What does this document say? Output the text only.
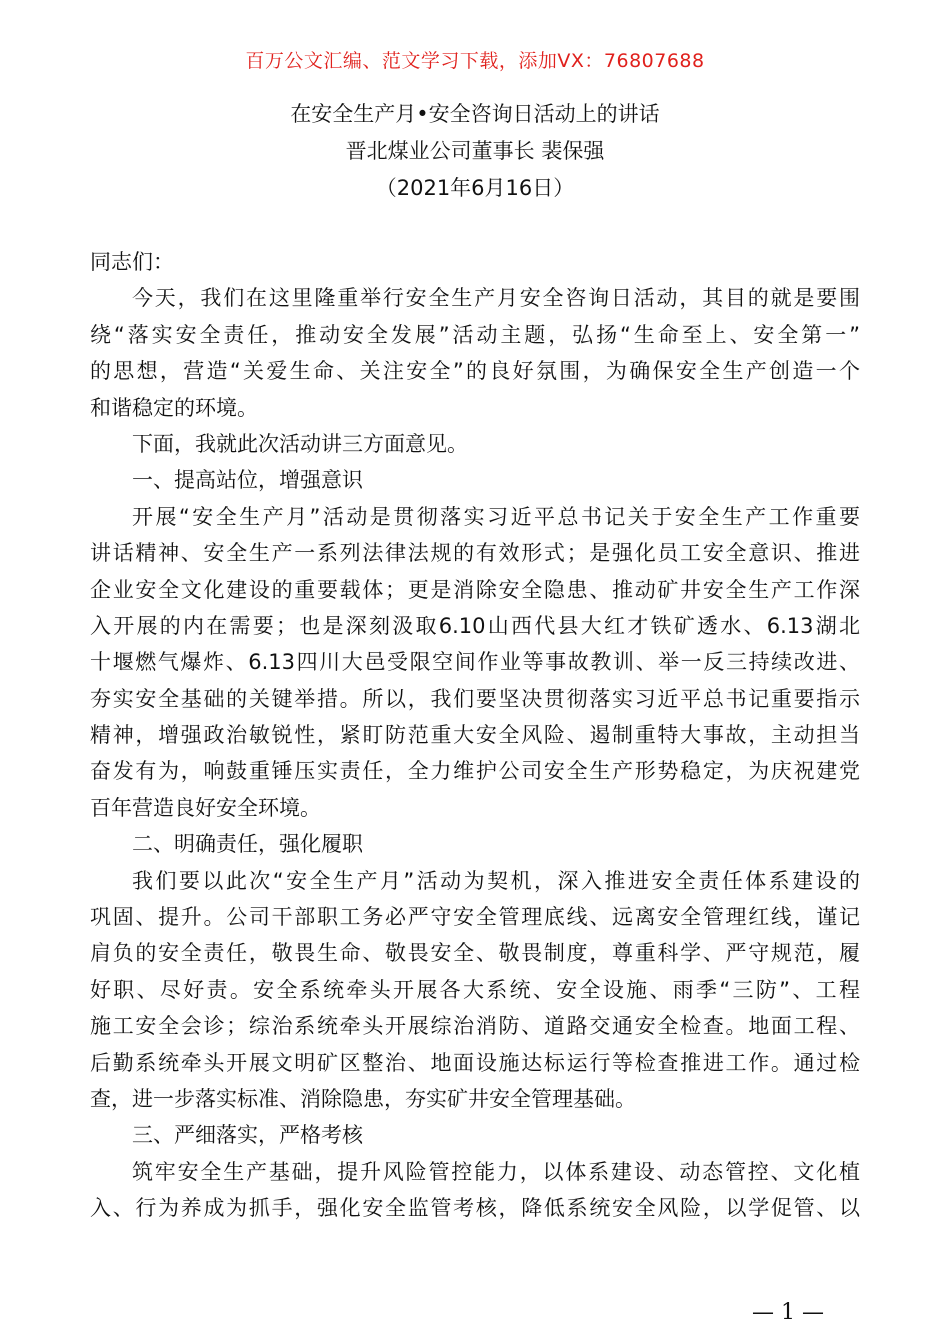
百万公文汇编、范文学习下载，添加VX：76807688
在安全生产月•安全咨询日活动上的讲话
晋北煤业公司董事长 裴保强
（2021年6月16日）
同志们：
今天，我们在这里隆重举行安全生产月安全咨询日活动，其目的就是要围
绕“落实安全责任，推动安全发展”活动主题，弘扬“生命至上、安全第一”
的思想，营造“关爱生命、关注安全”的良好氛围，为确保安全生产创造一个
和谐稳定的环境。
下面，我就此次活动讲三方面意见。
一、提高站位，增强意识
开展“安全生产月”活动是贯彻落实习近平总书记关于安全生产工作重要
讲话精神、安全生产一系列法律法规的有效形式；是强化员工安全意识、推进
企业安全文化建设的重要载体；更是消除安全隐患、推动矿井安全生产工作深
入开展的内在需要；也是深刻汲取6.10山西代县大红才铁矿透水、6.13湖北
十堰燃气爆炸、6.13四川大邑受限空间作业等事故教训、举一反三持续改进、
夯实安全基础的关键举措。所以，我们要坚决贯彻落实习近平总书记重要指示
精神，增强政治敏锐性，紧盯防范重大安全风险、遏制重特大事故，主动担当
奋发有为，响鼓重锤压实责任，全力维护公司安全生产形势稳定，为庆祝建党
百年营造良好安全环境。
二、明确责任，强化履职
我们要以此次“安全生产月”活动为契机，深入推进安全责任体系建设的
巩固、提升。公司干部职工务必严守安全管理底线、远离安全管理红线，谨记
肩负的安全责任，敬畏生命、敬畏安全、敬畏制度，尊重科学、严守规范，履
好职、尽好责。安全系统牵头开展各大系统、安全设施、雨季“三防”、工程
施工安全会诊；综治系统牵头开展综治消防、道路交通安全检查。地面工程、
后勤系统牵头开展文明矿区整治、地面设施达标运行等检查推进工作。通过检
查，进一步落实标准、消除隐患，夯实矿井安全管理基础。
三、严细落实，严格考核
筑牢安全生产基础，提升风险管控能力，以体系建设、动态管控、文化植
入、行为养成为抓手，强化安全监管考核，降低系统安全风险，以学促管、以
— 1 —
